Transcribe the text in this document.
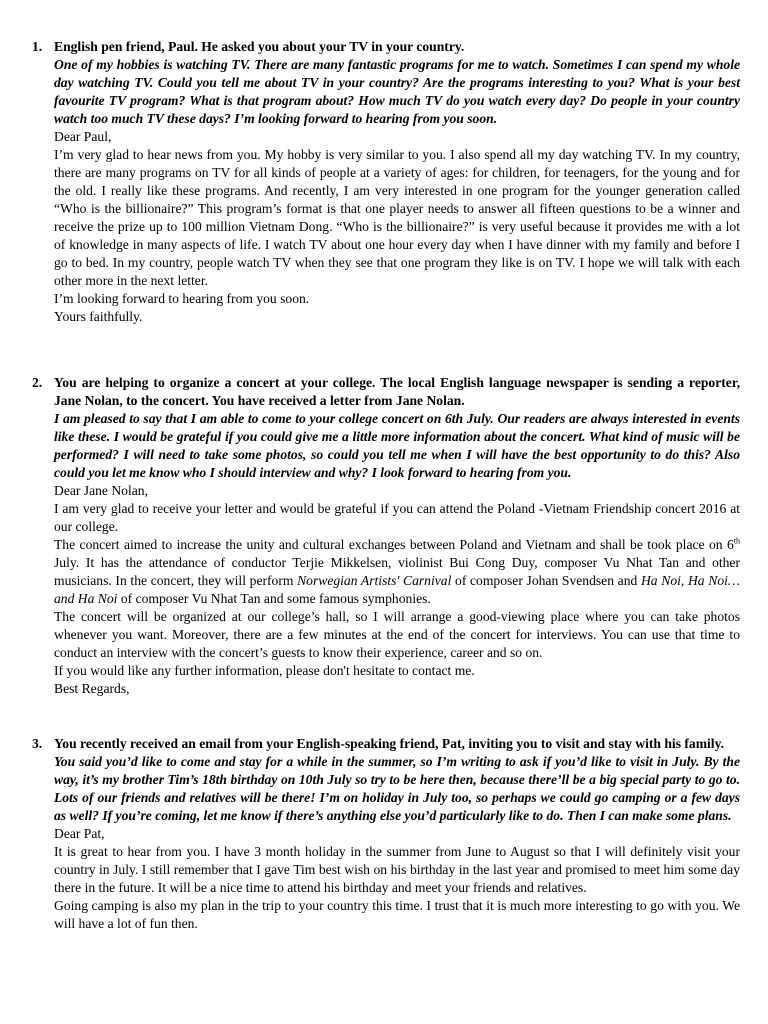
1. English pen friend, Paul. He asked you about your TV in your country.
One of my hobbies is watching TV. There are many fantastic programs for me to watch. Sometimes I can spend my whole day watching TV. Could you tell me about TV in your country? Are the programs interesting to you? What is your best favourite TV program? What is that program about? How much TV do you watch every day? Do people in your country watch too much TV these days? I’m looking forward to hearing from you soon.
Dear Paul,
I’m very glad to hear news from you. My hobby is very similar to you. I also spend all my day watching TV. In my country, there are many programs on TV for all kinds of people at a variety of ages: for children, for teenagers, for the young and for the old. I really like these programs. And recently, I am very interested in one program for the younger generation called “Who is the billionaire?” This program’s format is that one player needs to answer all fifteen questions to be a winner and receive the prize up to 100 million Vietnam Dong. “Who is the billionaire?” is very useful because it provides me with a lot of knowledge in many aspects of life. I watch TV about one hour every day when I have dinner with my family and before I go to bed. In my country, people watch TV when they see that one program they like is on TV. I hope we will talk with each other more in the next letter.
I’m looking forward to hearing from you soon.
Yours faithfully.
2. You are helping to organize a concert at your college. The local English language newspaper is sending a reporter, Jane Nolan, to the concert. You have received a letter from Jane Nolan.
I am pleased to say that I am able to come to your college concert on 6th July. Our readers are always interested in events like these. I would be grateful if you could give me a little more information about the concert. What kind of music will be performed? I will need to take some photos, so could you tell me when I will have the best opportunity to do this? Also could you let me know who I should interview and why? I look forward to hearing from you.
Dear Jane Nolan,
I am very glad to receive your letter and would be grateful if you can attend the Poland -Vietnam Friendship concert 2016 at our college.
The concert aimed to increase the unity and cultural exchanges between Poland and Vietnam and shall be took place on 6th July. It has the attendance of conductor Terjie Mikkelsen, violinist Bui Cong Duy, composer Vu Nhat Tan and other musicians. In the concert, they will perform Norwegian Artists' Carnival of composer Johan Svendsen and Ha Noi, Ha Noi… and Ha Noi of composer Vu Nhat Tan and some famous symphonies.
The concert will be organized at our college’s hall, so I will arrange a good-viewing place where you can take photos whenever you want. Moreover, there are a few minutes at the end of the concert for interviews. You can use that time to conduct an interview with the concert’s guests to know their experience, career and so on.
If you would like any further information, please don't hesitate to contact me.
Best Regards,
3. You recently received an email from your English-speaking friend, Pat, inviting you to visit and stay with his family.
You said you’d like to come and stay for a while in the summer, so I’m writing to ask if you’d like to visit in July. By the way, it’s my brother Tim’s 18th birthday on 10th July so try to be here then, because there’ll be a big special party to go to. Lots of our friends and relatives will be there! I’m on holiday in July too, so perhaps we could go camping or a few days as well? If you’re coming, let me know if there’s anything else you’d particularly like to do. Then I can make some plans.
Dear Pat,
It is great to hear from you. I have 3 month holiday in the summer from June to August so that I will definitely visit your country in July. I still remember that I gave Tim best wish on his birthday in the last year and promised to meet him some day there in the future. It will be a nice time to attend his birthday and meet your friends and relatives.
Going camping is also my plan in the trip to your country this time. I trust that it is much more interesting to go with you. We will have a lot of fun then.
